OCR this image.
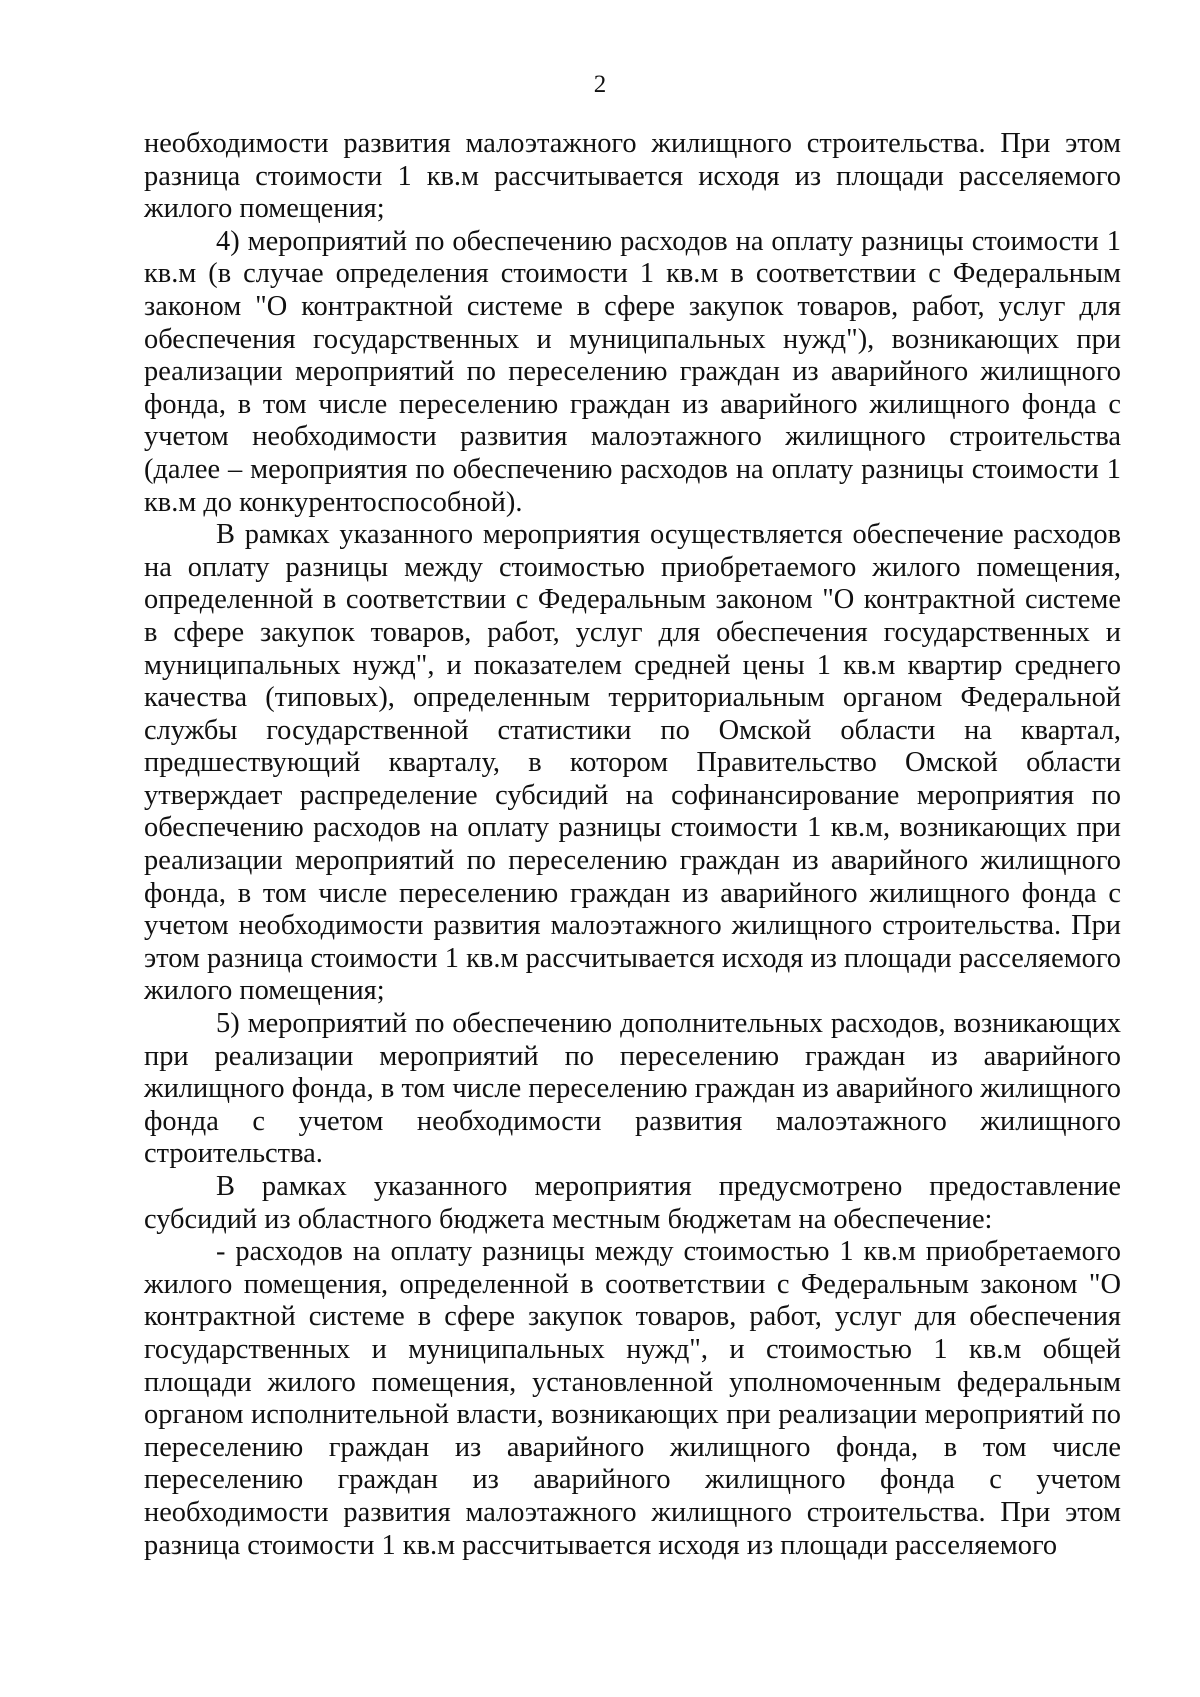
2

необходимости развития малоэтажного жилищного строительства. При этом разница стоимости 1 кв.м рассчитывается исходя из площади расселяемого жилого помещения;

4) мероприятий по обеспечению расходов на оплату разницы стоимости 1 кв.м (в случае определения стоимости 1 кв.м в соответствии с Федеральным законом "О контрактной системе в сфере закупок товаров, работ, услуг для обеспечения государственных и муниципальных нужд"), возникающих при реализации мероприятий по переселению граждан из аварийного жилищного фонда, в том числе переселению граждан из аварийного жилищного фонда с учетом необходимости развития малоэтажного жилищного строительства (далее – мероприятия по обеспечению расходов на оплату разницы стоимости 1 кв.м до конкурентоспособной).

В рамках указанного мероприятия осуществляется обеспечение расходов на оплату разницы между стоимостью приобретаемого жилого помещения, определенной в соответствии с Федеральным законом "О контрактной системе в сфере закупок товаров, работ, услуг для обеспечения государственных и муниципальных нужд", и показателем средней цены 1 кв.м квартир среднего качества (типовых), определенным территориальным органом Федеральной службы государственной статистики по Омской области на квартал, предшествующий кварталу, в котором Правительство Омской области утверждает распределение субсидий на софинансирование мероприятия по обеспечению расходов на оплату разницы стоимости 1 кв.м, возникающих при реализации мероприятий по переселению граждан из аварийного жилищного фонда, в том числе переселению граждан из аварийного жилищного фонда с учетом необходимости развития малоэтажного жилищного строительства. При этом разница стоимости 1 кв.м рассчитывается исходя из площади расселяемого жилого помещения;

5) мероприятий по обеспечению дополнительных расходов, возникающих при реализации мероприятий по переселению граждан из аварийного жилищного фонда, в том числе переселению граждан из аварийного жилищного фонда с учетом необходимости развития малоэтажного жилищного строительства.

В рамках указанного мероприятия предусмотрено предоставление субсидий из областного бюджета местным бюджетам на обеспечение:

- расходов на оплату разницы между стоимостью 1 кв.м приобретаемого жилого помещения, определенной в соответствии с Федеральным законом "О контрактной системе в сфере закупок товаров, работ, услуг для обеспечения государственных и муниципальных нужд", и стоимостью 1 кв.м общей площади жилого помещения, установленной уполномоченным федеральным органом исполнительной власти, возникающих при реализации мероприятий по переселению граждан из аварийного жилищного фонда, в том числе переселению граждан из аварийного жилищного фонда с учетом необходимости развития малоэтажного жилищного строительства. При этом разница стоимости 1 кв.м рассчитывается исходя из площади расселяемого
